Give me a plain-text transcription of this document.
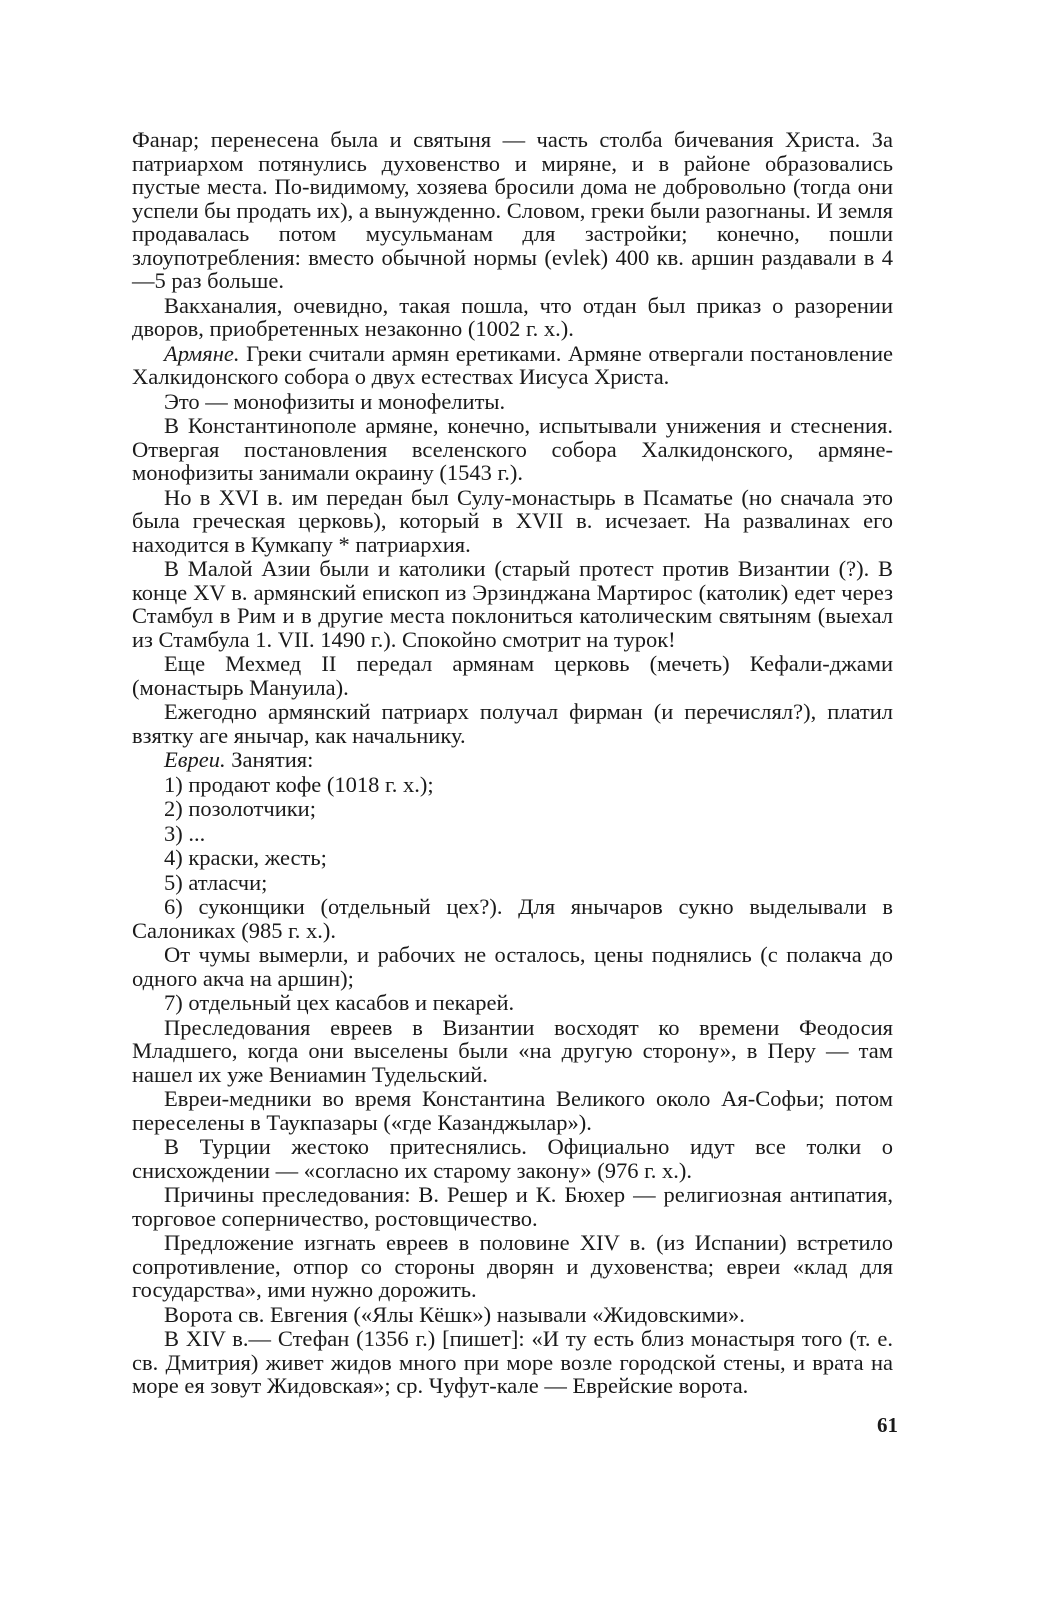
Фанар; перенесена была и святыня — часть столба бичевания Христа. За патриархом потянулись духовенство и миряне, и в районе образовались пустые места. По-видимому, хозяева бросили дома не добровольно (тогда они успели бы продать их), а вынужденно. Словом, греки были разогнаны. И земля продавалась потом мусульманам для застройки; конечно, пошли злоупотребления: вместо обычной нормы (evlek) 400 кв. аршин раздавали в 4—5 раз больше.

Вакханалия, очевидно, такая пошла, что отдан был приказ о разорении дворов, приобретенных незаконно (1002 г. х.).

Армяне. Греки считали армян еретиками. Армяне отвергали постановление Халкидонского собора о двух естествах Иисуса Христа.

Это — монофизиты и монофелиты.

В Константинополе армяне, конечно, испытывали унижения и стеснения. Отвергая постановления вселенского собора Халкидонского, армяне-монофизиты занимали окраину (1543 г.).

Но в XVI в. им передан был Сулу-монастырь в Псаматье (но сначала это была греческая церковь), который в XVII в. исчезает. На развалинах его находится в Кумкапу * патриархия.

В Малой Азии были и католики (старый протест против Византии (?). В конце XV в. армянский епископ из Эрзинджана Мартирос (католик) едет через Стамбул в Рим и в другие места поклониться католическим святыням (выехал из Стамбула 1. VII. 1490 г.). Спокойно смотрит на турок!

Еще Мехмед II передал армянам церковь (мечеть) Кефали-джами (монастырь Мануила).

Ежегодно армянский патриарх получал фирман (и перечислял?), платил взятку аге янычар, как начальнику.

Евреи. Занятия:

1) продают кофе (1018 г. х.);

2) позолотчики;

3) ...

4) краски, жесть;

5) атласчи;

6) суконщики (отдельный цех?). Для янычаров сукно выделывали в Салониках (985 г. х.).

От чумы вымерли, и рабочих не осталось, цены поднялись (с полакча до одного акча на аршин);

7) отдельный цех касабов и пекарей.

Преследования евреев в Византии восходят ко времени Феодосия Младшего, когда они выселены были «на другую сторону», в Перу — там нашел их уже Вениамин Тудельский.

Евреи-медники во время Константина Великого около Ая-Софьи; потом переселены в Таукпазары («где Казанджылар»).

В Турции жестоко притеснялись. Официально идут все толки о снисхождении — «согласно их старому закону» (976 г. х.).

Причины преследования: В. Решер и К. Бюхер — религиозная антипатия, торговое соперничество, ростовщичество.

Предложение изгнать евреев в половине XIV в. (из Испании) встретило сопротивление, отпор со стороны дворян и духовенства; евреи «клад для государства», ими нужно дорожить.

Ворота св. Евгения («Ялы Кёшк») называли «Жидовскими».

В XIV в.— Стефан (1356 г.) [пишет]: «И ту есть близ монастыря того (т. е. св. Дмитрия) живет жидов много при море возле городской стены, и врата на море ея зовут Жидовская»; ср. Чуфут-кале — Еврейские ворота.

61
